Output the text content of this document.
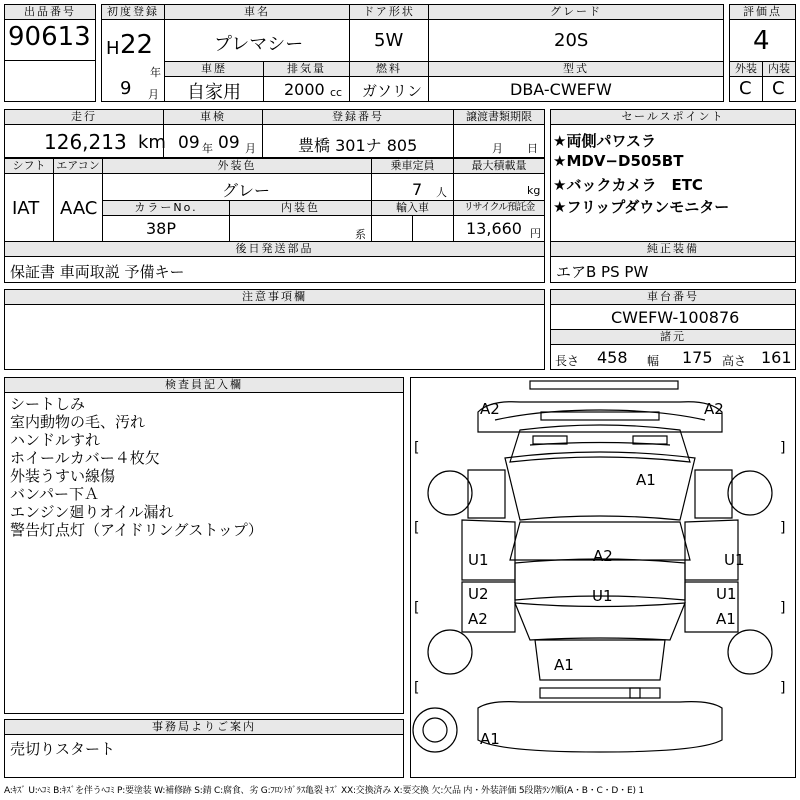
出品番号
90613
初度登録
H 22
年
9 月
車名
プレマシー
ドア形状
5W
グレード
20S
評価点
4
車歴
自家用
排気量
2000 cc
燃料
ガソリン
型式
DBA-CWEFW
外装	内装
C C
走行
126,213 km
車検
09 年 09 月
登録番号
豊橋 301ナ 805
譲渡書類期限
月 日
セールスポイント
★両側パワスラ
★MDV−D505BT
★バックカメラ　ETC
★フリップダウンモニター
シフト
IAT
エアコン
AAC
外装色
グレー
乗車定員
7 人
最大積載量
kg
カラーNo.
38P
内装色
系
輸入車	リサイクル預託金
13,660 円
後日発送部品
保証書 車両取説 予備キー
純正装備
エアB PS PW
注意事項欄	車台番号
CWEFW-100876
諸元
長さ 458 幅 175 高さ 161
検査員記入欄
シートしみ
室内動物の毛、汚れ
ハンドルすれ
ホイールカバー４枚欠
外装うすい線傷
バンパー下Ａ
エンジン廻りオイル漏れ
警告灯点灯（アイドリングストップ）
事務局よりご案内
売切りスタート
[	]
[	]
[	]
[	]
A2	A2
A1
U1	A2	U1
U2	U1	U1
A2	A1
A1
A1
A:ｷｽﾞ U:ﾍｺﾐ B:ｷｽﾞを伴うﾍｺﾐ P:要塗装 W:補修跡 S:錆 C:腐食、劣 G:ﾌﾛﾝﾄｶﾞﾗｽ亀裂 ｷｽﾞ XX:交換済み X:要交換 欠:欠品 内・外装評価 5段階ﾗﾝｸ順(A・B・C・D・E) 1
